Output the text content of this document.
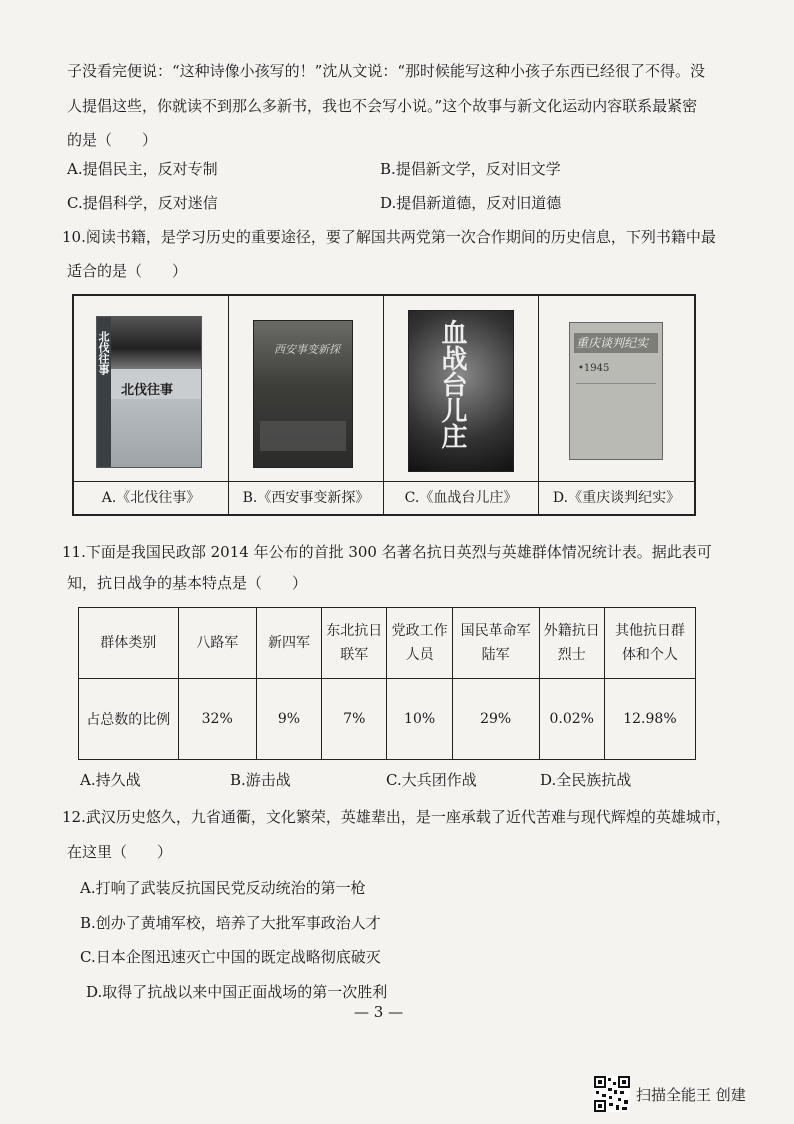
子没看完便说：“这种诗像小孩写的！”沈从文说：“那时候能写这种小孩子东西已经很了不得。没
人提倡这些，你就读不到那么多新书，我也不会写小说。”这个故事与新文化运动内容联系最紧密
的是（　　）
A.提倡民主，反对专制	B.提倡新文学，反对旧文学
C.提倡科学，反对迷信	D.提倡新道德，反对旧道德
10.阅读书籍，是学习历史的重要途径，要了解国共两党第一次合作期间的历史信息，下列书籍中最
适合的是（　　）
北伐往事
北伐往事
西安事变新探	血战台儿庄	重庆谈判纪实
•1945
A.《北伐往事》	B.《西安事变新探》	C.《血战台儿庄》	D.《重庆谈判纪实》
11.下面是我国民政部 2014 年公布的首批 300 名著名抗日英烈与英雄群体情况统计表。据此表可
知，抗日战争的基本特点是（　　）
群体类别	八路军	新四军	东北抗日联军	党政工作人员	国民革命军陆军	外籍抗日烈士	其他抗日群体和个人
占总数的比例	32%	9%	7%	10%	29%	0.02%	12.98%
A.持久战	B.游击战	C.大兵团作战	D.全民族抗战
12.武汉历史悠久，九省通衢，文化繁荣，英雄辈出，是一座承载了近代苦难与现代辉煌的英雄城市，
在这里（　　）
A.打响了武装反抗国民党反动统治的第一枪
B.创办了黄埔军校，培养了大批军事政治人才
C.日本企图迅速灭亡中国的既定战略彻底破灭
D.取得了抗战以来中国正面战场的第一次胜利
— 3 —
扫描全能王 创建
